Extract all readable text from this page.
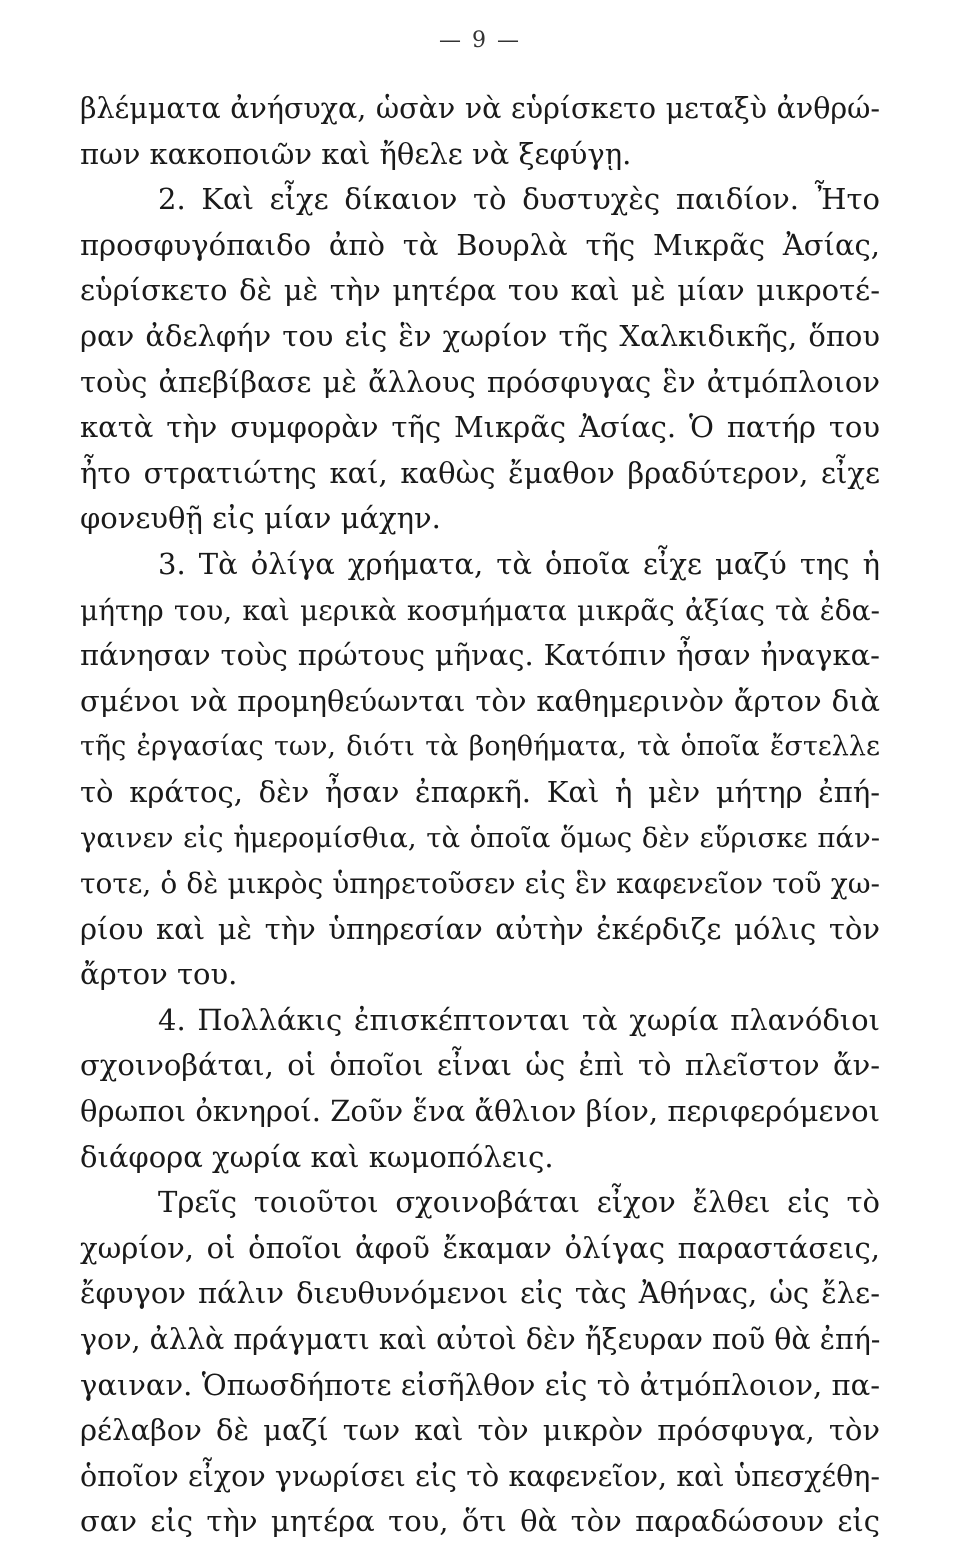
— 9 —
βλέμματα ἀνήσυχα, ὡσὰν νὰ εὑρίσκετο μεταξὺ ἀνθρώ-
πων κακοποιῶν καὶ ἤθελε νὰ ξεφύγῃ.
2. Καὶ εἶχε δίκαιον τὸ δυστυχὲς παιδίον. Ἦτο
προσφυγόπαιδο ἀπὸ τὰ Βουρλὰ τῆς Μικρᾶς Ἀσίας,
εὑρίσκετο δὲ μὲ τὴν μητέρα του καὶ μὲ μίαν μικροτέ-
ραν ἀδελφήν του εἰς ἓν χωρίον τῆς Χαλκιδικῆς, ὅπου
τοὺς ἀπεβίβασε μὲ ἄλλους πρόσφυγας ἓν ἀτμόπλοιον
κατὰ τὴν συμφορὰν τῆς Μικρᾶς Ἀσίας. Ὁ πατήρ του
ἦτο στρατιώτης καί, καθὼς ἔμαθον βραδύτερον, εἶχε
φονευθῇ εἰς μίαν μάχην.
3. Τὰ ὀλίγα χρήματα, τὰ ὁποῖα εἶχε μαζύ της ἡ
μήτηρ του, καὶ μερικὰ κοσμήματα μικρᾶς ἀξίας τὰ ἐδα-
πάνησαν τοὺς πρώτους μῆνας. Κατόπιν ἦσαν ἠναγκα-
σμένοι νὰ προμηθεύωνται τὸν καθημερινὸν ἄρτον διὰ
τῆς ἐργασίας των, διότι τὰ βοηθήματα, τὰ ὁποῖα ἔστελλε
τὸ κράτος, δὲν ἦσαν ἐπαρκῆ. Καὶ ἡ μὲν μήτηρ ἐπή-
γαινεν εἰς ἡμερομίσθια, τὰ ὁποῖα ὅμως δὲν εὕρισκε πάν-
τοτε, ὁ δὲ μικρὸς ὑπηρετοῦσεν εἰς ἓν καφενεῖον τοῦ χω-
ρίου καὶ μὲ τὴν ὑπηρεσίαν αὐτὴν ἐκέρδιζε μόλις τὸν
ἄρτον του.
4. Πολλάκις ἐπισκέπτονται τὰ χωρία πλανόδιοι
σχοινοβάται, οἱ ὁποῖοι εἶναι ὡς ἐπὶ τὸ πλεῖστον ἄν-
θρωποι ὀκνηροί. Ζοῦν ἕνα ἄθλιον βίον, περιφερόμενοι
διάφορα χωρία καὶ κωμοπόλεις.
Τρεῖς τοιοῦτοι σχοινοβάται εἶχον ἔλθει εἰς τὸ
χωρίον, οἱ ὁποῖοι ἀφοῦ ἔκαμαν ὀλίγας παραστάσεις,
ἔφυγον πάλιν διευθυνόμενοι εἰς τὰς Ἀθήνας, ὡς ἔλε-
γον, ἀλλὰ πράγματι καὶ αὐτοὶ δὲν ἤξευραν ποῦ θὰ ἐπή-
γαιναν. Ὁπωσδήποτε εἰσῆλθον εἰς τὸ ἀτμόπλοιον, πα-
ρέλαβον δὲ μαζί των καὶ τὸν μικρὸν πρόσφυγα, τὸν
ὁποῖον εἶχον γνωρίσει εἰς τὸ καφενεῖον, καὶ ὑπεσχέθη-
σαν εἰς τὴν μητέρα του, ὅτι θὰ τὸν παραδώσουν εἰς
